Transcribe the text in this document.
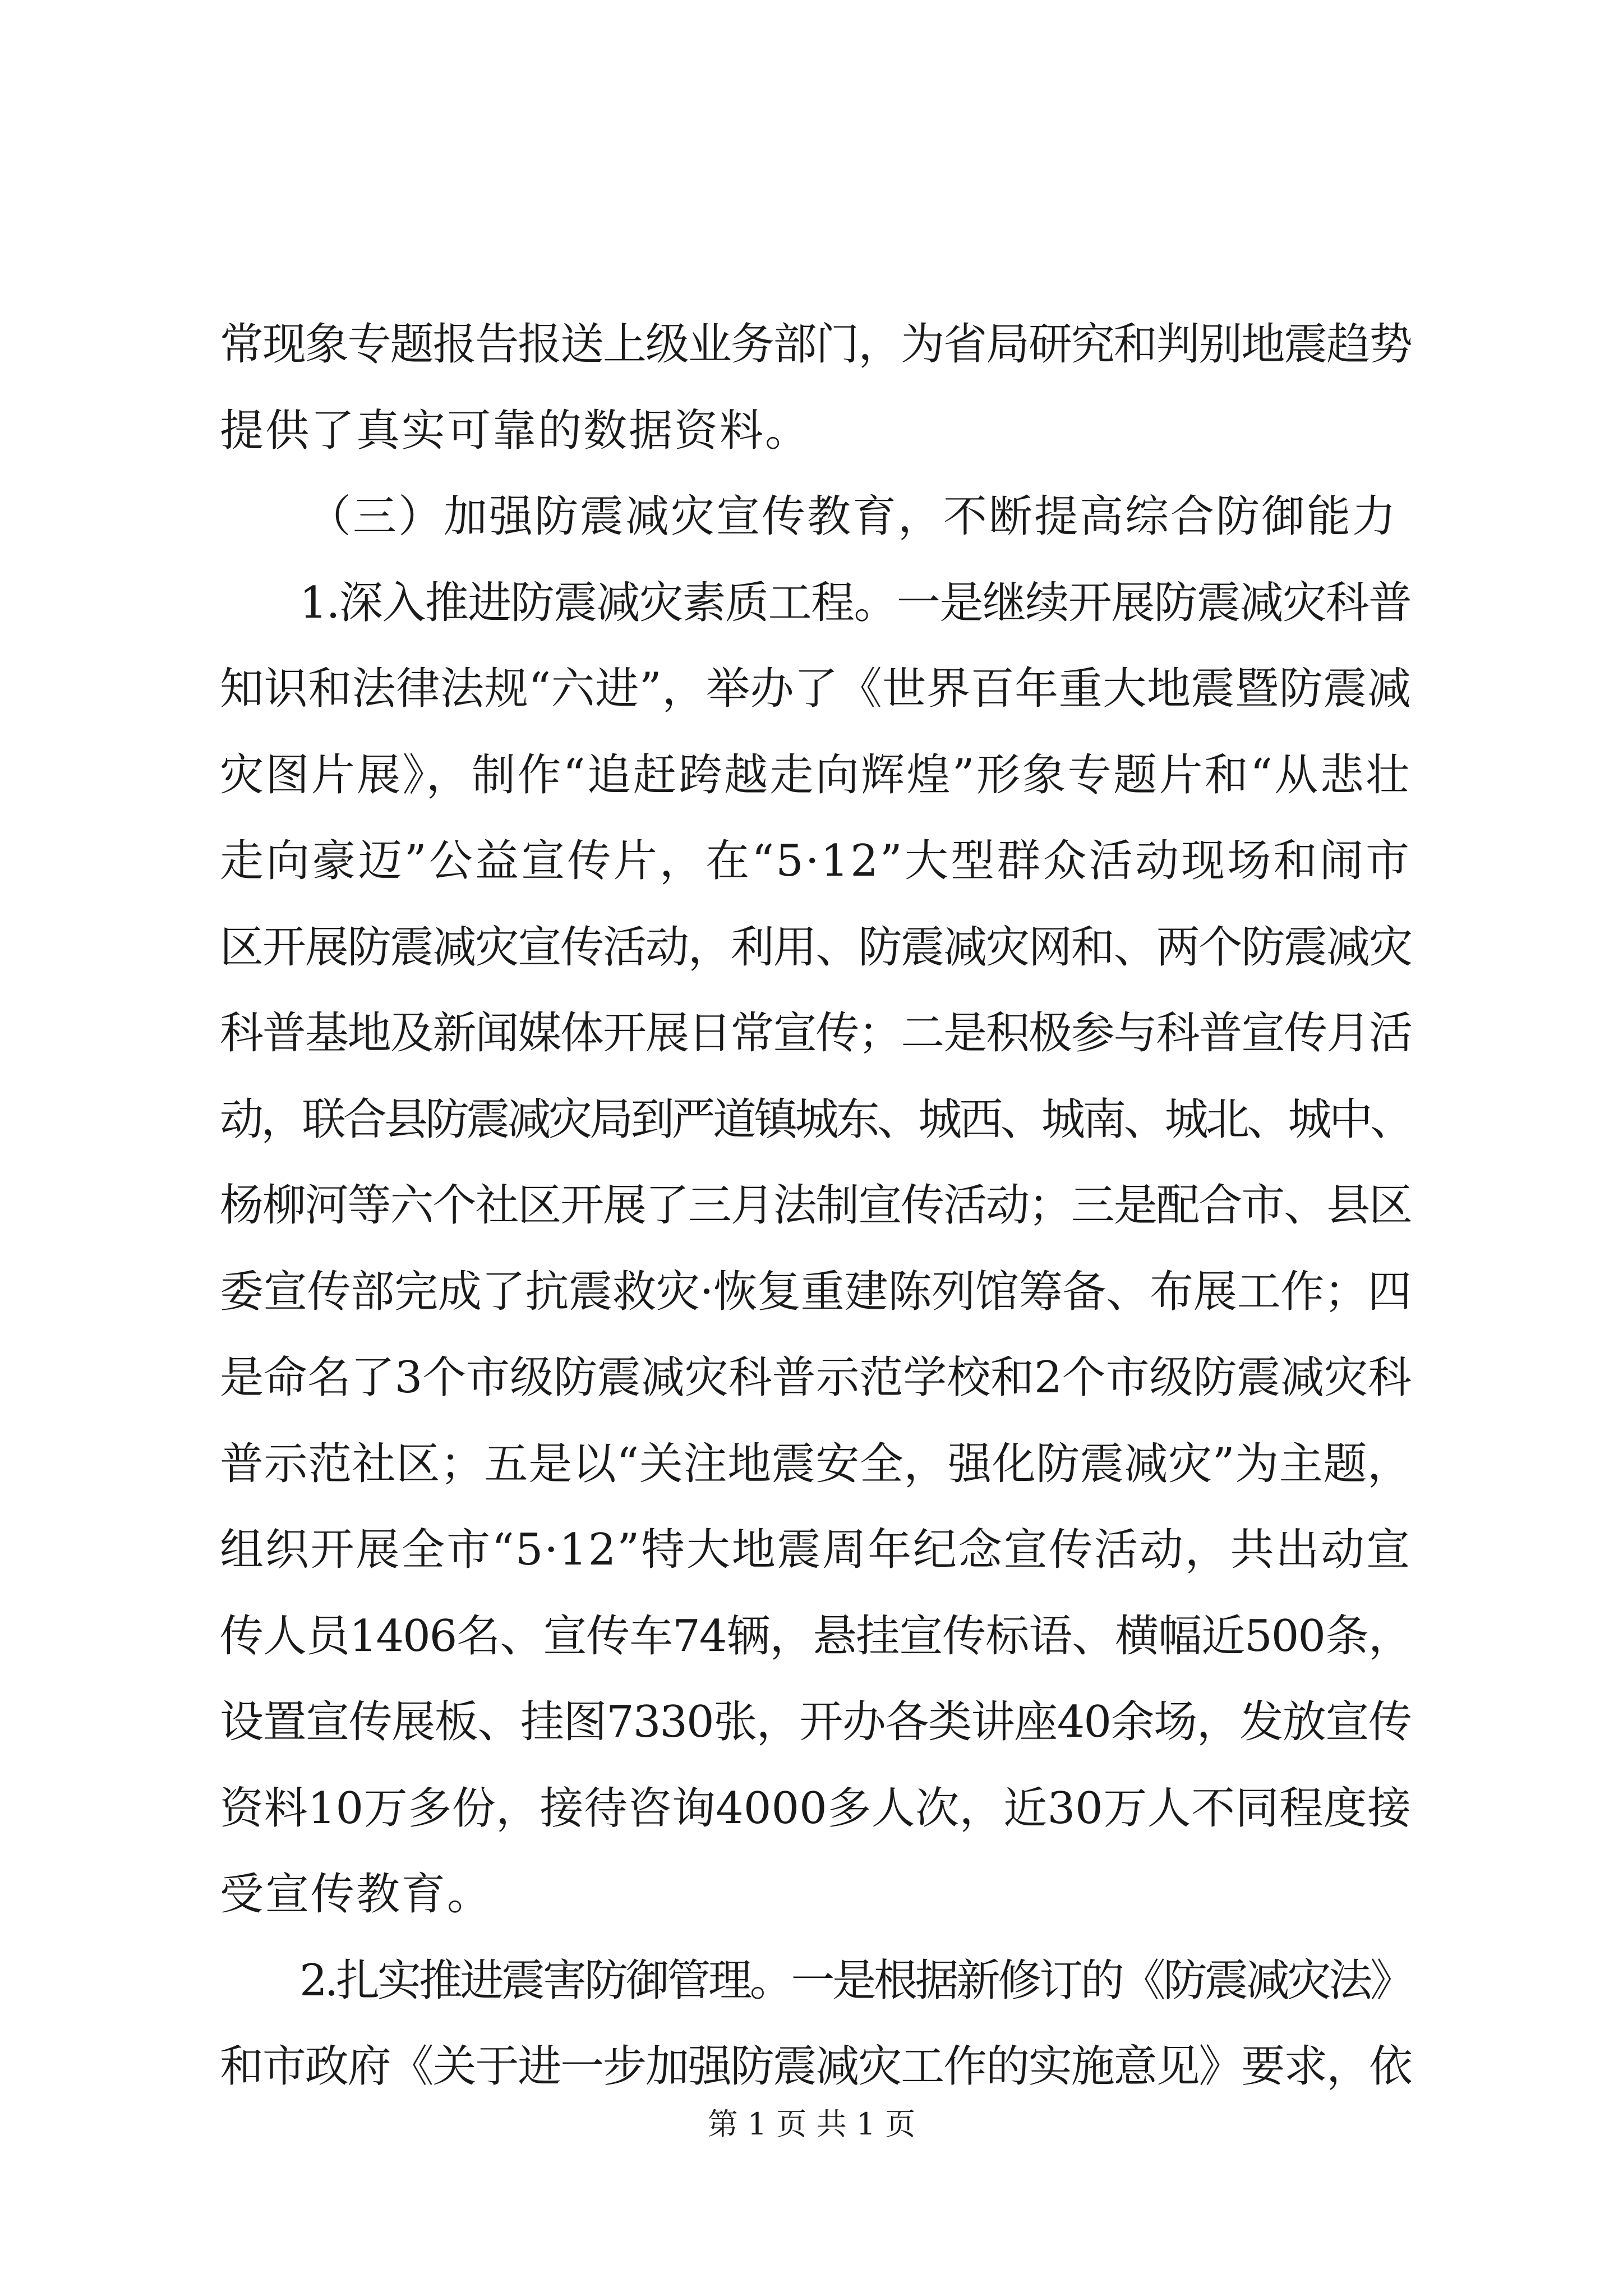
常现象专题报告报送上级业务部门，为省局研究和判别地震趋势
提供了真实可靠的数据资料。
（三）加强防震减灾宣传教育，不断提高综合防御能力
1.深入推进防震减灾素质工程。一是继续开展防震减灾科普
知识和法律法规“六进”，举办了《世界百年重大地震暨防震减
灾图片展》，制作“追赶跨越走向辉煌”形象专题片和“从悲壮
走向豪迈”公益宣传片，在“5·12”大型群众活动现场和闹市
区开展防震减灾宣传活动，利用、防震减灾网和、两个防震减灾
科普基地及新闻媒体开展日常宣传；二是积极参与科普宣传月活
动，联合县防震减灾局到严道镇城东、城西、城南、城北、城中、
杨柳河等六个社区开展了三月法制宣传活动；三是配合市、县区
委宣传部完成了抗震救灾·恢复重建陈列馆筹备、布展工作；四
是命名了3个市级防震减灾科普示范学校和2个市级防震减灾科
普示范社区；五是以“关注地震安全，强化防震减灾”为主题，
组织开展全市“5·12”特大地震周年纪念宣传活动，共出动宣
传人员1406名、宣传车74辆，悬挂宣传标语、横幅近500条，
设置宣传展板、挂图7330张，开办各类讲座40余场，发放宣传
资料10万多份，接待咨询4000多人次，近30万人不同程度接
受宣传教育。
2.扎实推进震害防御管理。一是根据新修订的《防震减灾法》
和市政府《关于进一步加强防震减灾工作的实施意见》要求，依
第 1 页 共 1 页
